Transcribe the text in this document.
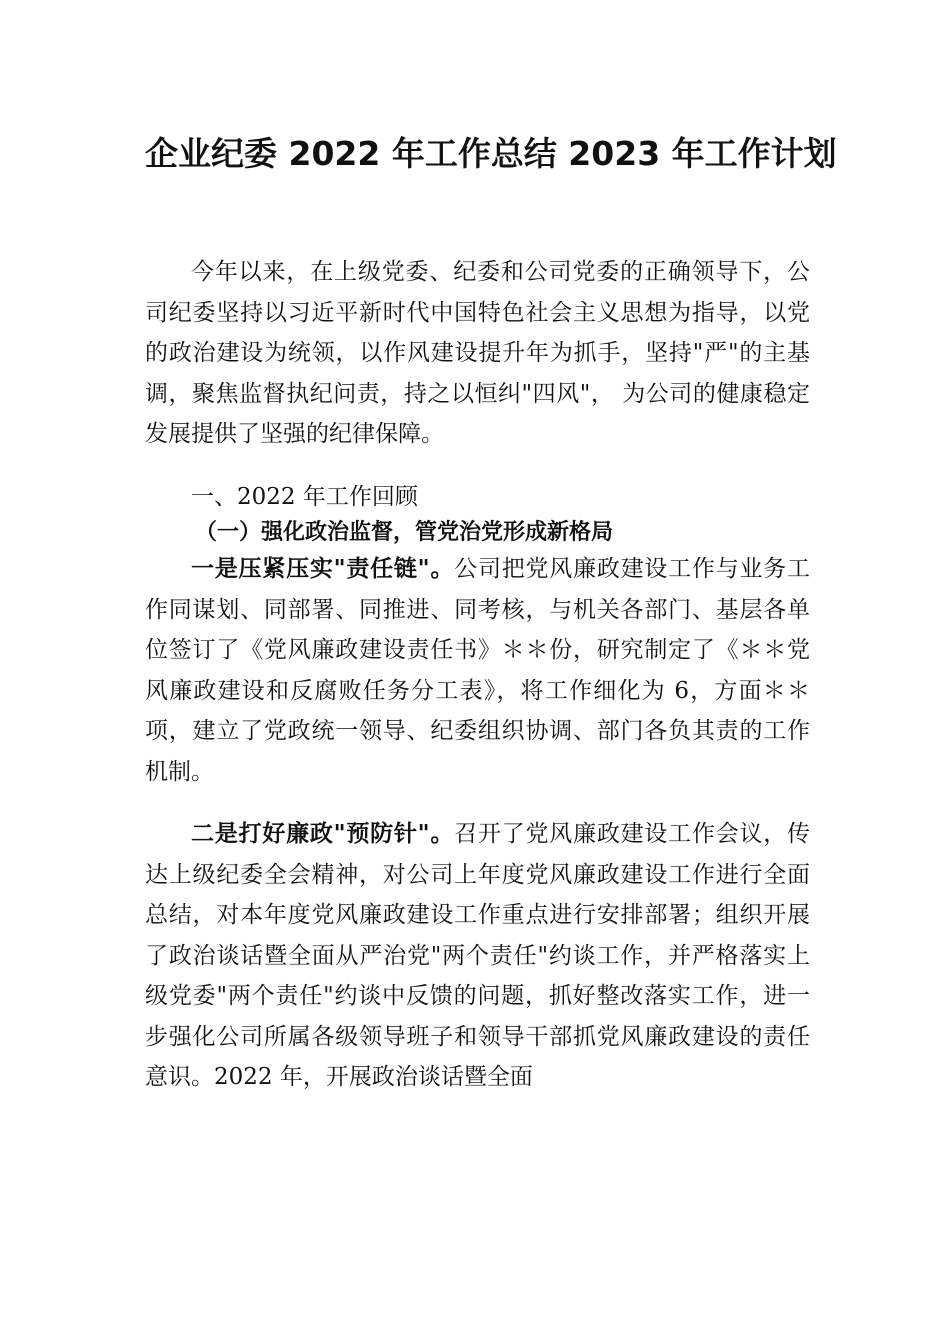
企业纪委 2022 年工作总结 2023 年工作计划

今年以来，在上级党委、纪委和公司党委的正确领导下，公司纪委坚持以习近平新时代中国特色社会主义思想为指导，以党的政治建设为统领，以作风建设提升年为抓手，坚持"严"的主基调，聚焦监督执纪问责，持之以恒纠"四风"， 为公司的健康稳定发展提供了坚强的纪律保障。

一、2022 年工作回顾

（一）强化政治监督，管党治党形成新格局

一是压紧压实"责任链"。公司把党风廉政建设工作与业务工作同谋划、同部署、同推进、同考核，与机关各部门、基层各单位签订了《党风廉政建设责任书》＊＊份，研究制定了《＊＊党风廉政建设和反腐败任务分工表》，将工作细化为 6，方面＊＊项，建立了党政统一领导、纪委组织协调、部门各负其责的工作机制。

二是打好廉政"预防针"。召开了党风廉政建设工作会议，传达上级纪委全会精神，对公司上年度党风廉政建设工作进行全面总结，对本年度党风廉政建设工作重点进行安排部署；组织开展了政治谈话暨全面从严治党"两个责任"约谈工作，并严格落实上级党委"两个责任"约谈中反馈的问题，抓好整改落实工作，进一步强化公司所属各级领导班子和领导干部抓党风廉政建设的责任意识。2022 年，开展政治谈话暨全面
